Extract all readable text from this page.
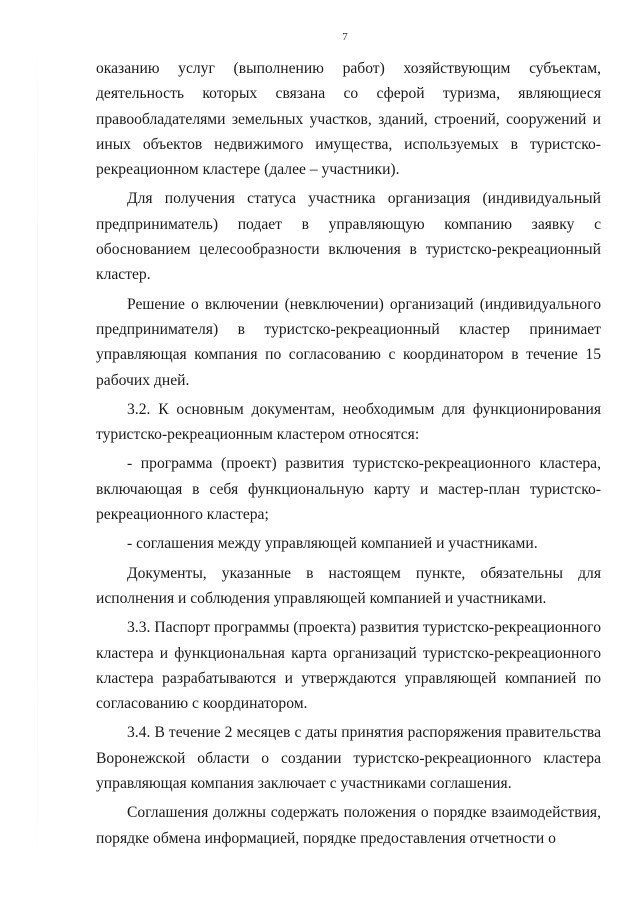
7

оказанию услуг (выполнению работ) хозяйствующим субъектам, деятельность которых связана со сферой туризма, являющиеся правообладателями земельных участков, зданий, строений, сооружений и иных объектов недвижимого имущества, используемых в туристско-рекреационном кластере (далее – участники).

Для получения статуса участника организация (индивидуальный предприниматель) подает в управляющую компанию заявку с обоснованием целесообразности включения в туристско-рекреационный кластер.

Решение о включении (невключении) организаций (индивидуального предпринимателя) в туристско-рекреационный кластер принимает управляющая компания по согласованию с координатором в течение 15 рабочих дней.

3.2. К основным документам, необходимым для функционирования туристско-рекреационным кластером относятся:

- программа (проект) развития туристско-рекреационного кластера, включающая в себя функциональную карту и мастер-план туристско-рекреационного кластера;

- соглашения между управляющей компанией и участниками.

Документы, указанные в настоящем пункте, обязательны для исполнения и соблюдения управляющей компанией и участниками.

3.3. Паспорт программы (проекта) развития туристско-рекреационного кластера и функциональная карта организаций туристско-рекреационного кластера разрабатываются и утверждаются управляющей компанией по согласованию с координатором.

3.4. В течение 2 месяцев с даты принятия распоряжения правительства Воронежской области о создании туристско-рекреационного кластера управляющая компания заключает с участниками соглашения.

Соглашения должны содержать положения о порядке взаимодействия, порядке обмена информацией, порядке предоставления отчетности о
